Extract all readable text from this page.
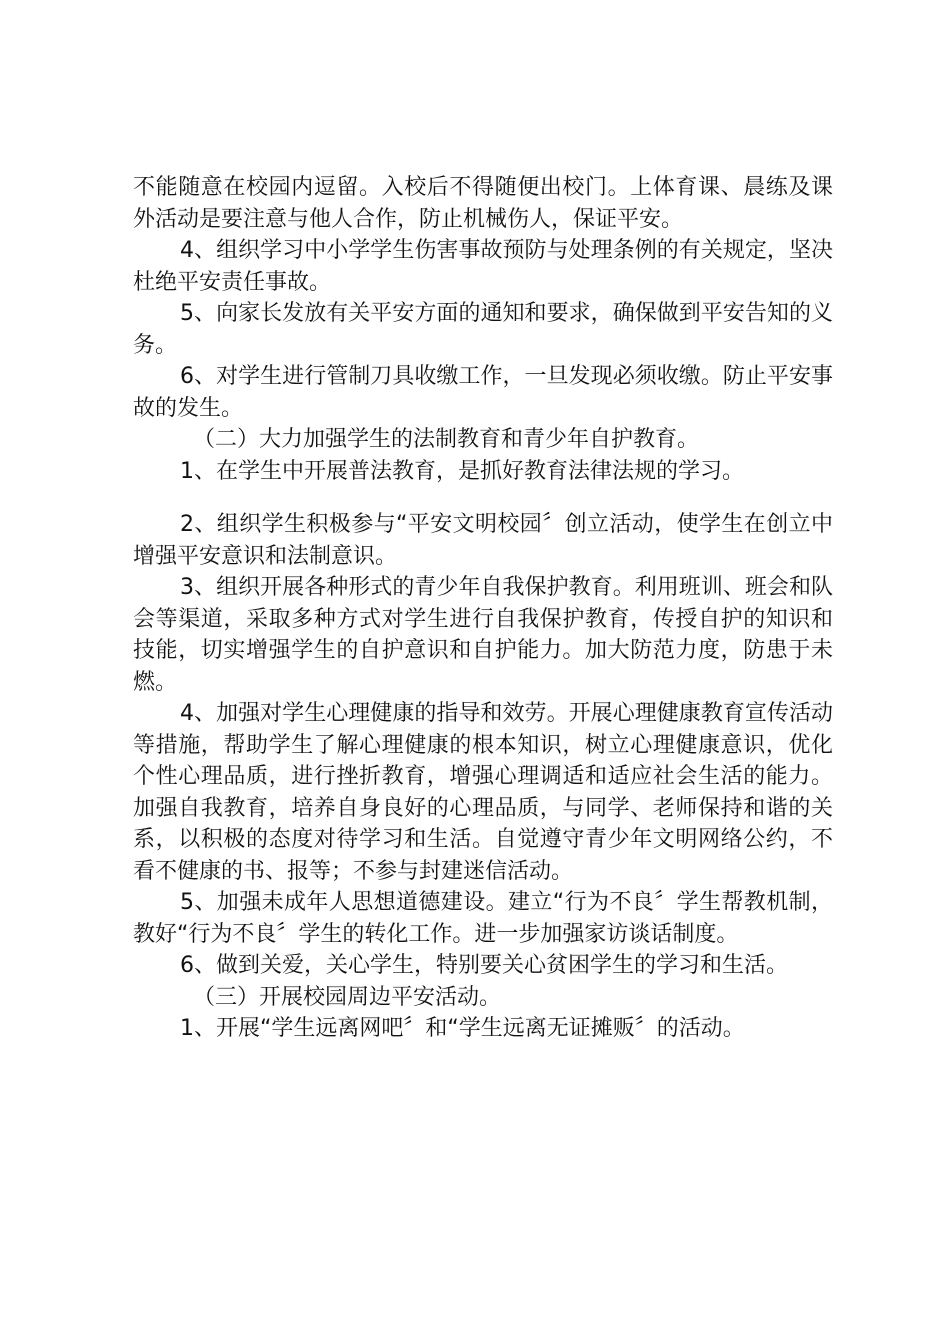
不能随意在校园内逗留。入校后不得随便出校门。上体育课、晨练及课外活动是要注意与他人合作，防止机械伤人，保证平安。

4、组织学习中小学学生伤害事故预防与处理条例的有关规定，坚决杜绝平安责任事故。

5、向家长发放有关平安方面的通知和要求，确保做到平安告知的义务。

6、对学生进行管制刀具收缴工作，一旦发现必须收缴。防止平安事故的发生。

（二）大力加强学生的法制教育和青少年自护教育。

1、在学生中开展普法教育，是抓好教育法律法规的学习。

2、组织学生积极参与“平安文明校园〞创立活动，使学生在创立中增强平安意识和法制意识。

3、组织开展各种形式的青少年自我保护教育。利用班训、班会和队会等渠道，采取多种方式对学生进行自我保护教育，传授自护的知识和技能，切实增强学生的自护意识和自护能力。加大防范力度，防患于未燃。

4、加强对学生心理健康的指导和效劳。开展心理健康教育宣传活动等措施，帮助学生了解心理健康的根本知识，树立心理健康意识，优化个性心理品质，进行挫折教育，增强心理调适和适应社会生活的能力。加强自我教育，培养自身良好的心理品质，与同学、老师保持和谐的关系，以积极的态度对待学习和生活。自觉遵守青少年文明网络公约，不看不健康的书、报等；不参与封建迷信活动。

5、加强未成年人思想道德建设。建立“行为不良〞学生帮教机制，教好“行为不良〞学生的转化工作。进一步加强家访谈话制度。

6、做到关爱，关心学生，特别要关心贫困学生的学习和生活。

（三）开展校园周边平安活动。

1、开展“学生远离网吧〞和“学生远离无证摊贩〞的活动。
